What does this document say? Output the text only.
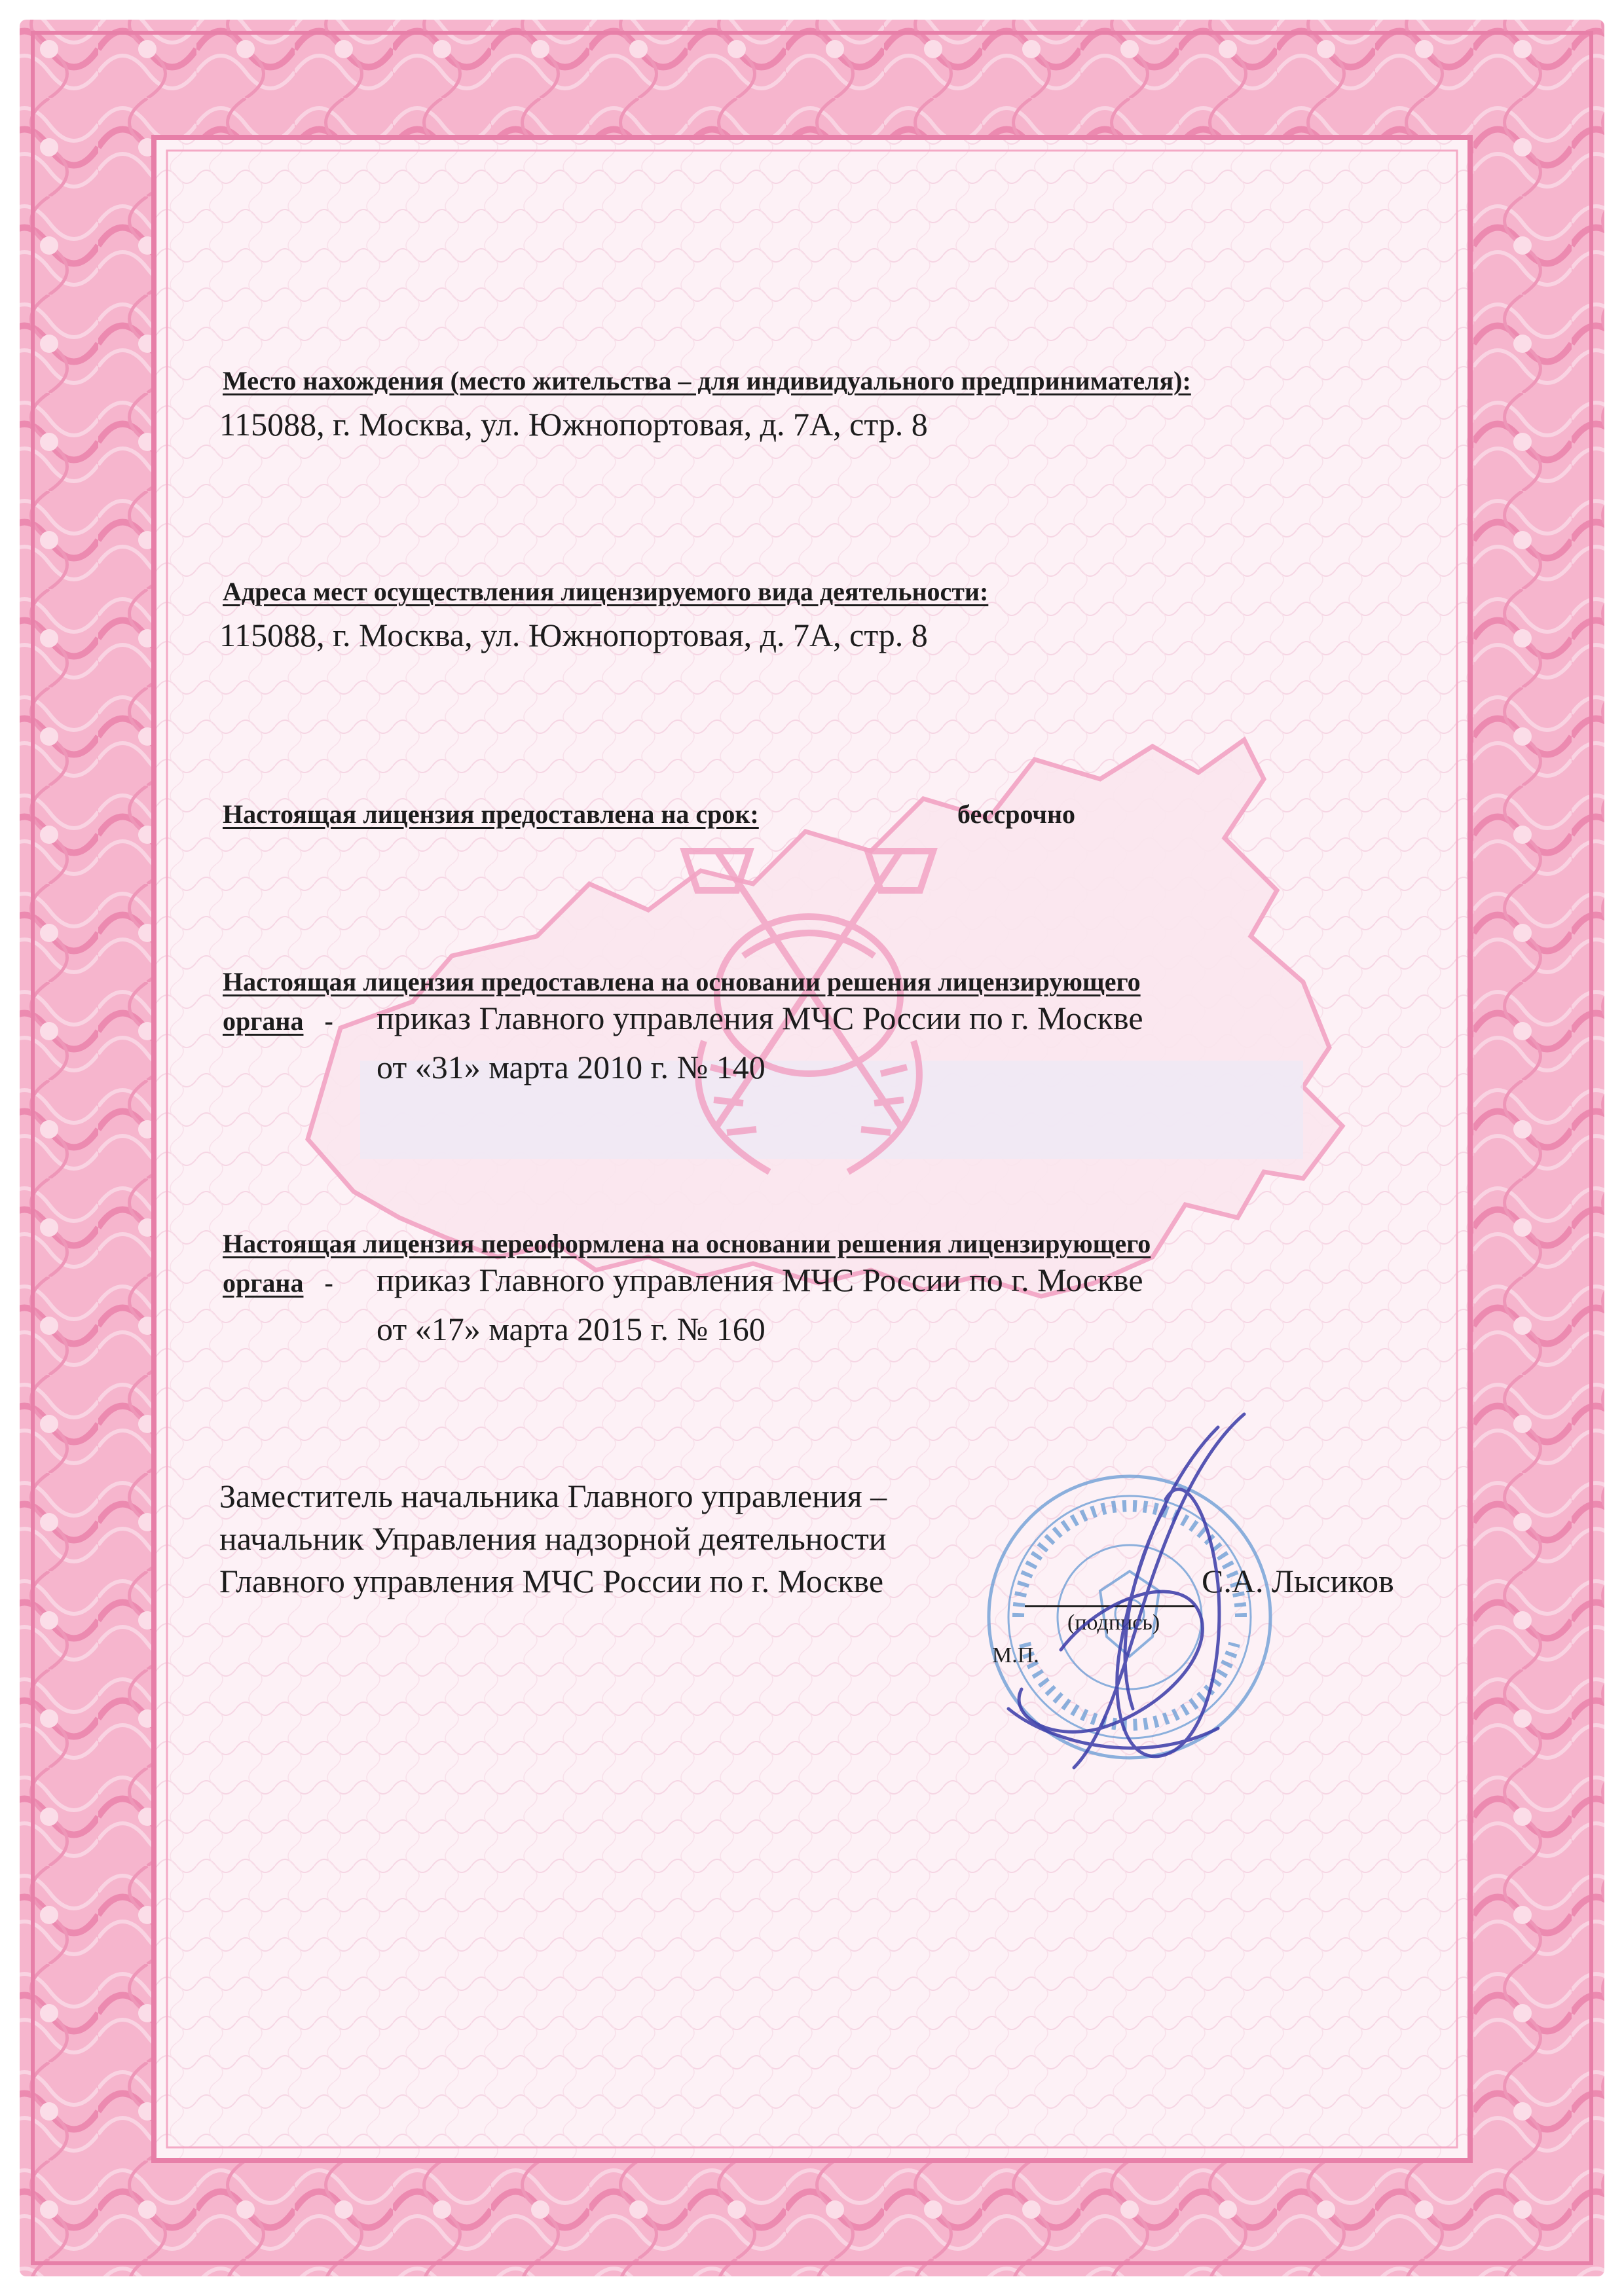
Место нахождения (место жительства – для индивидуального предпринимателя):
115088, г. Москва, ул. Южнопортовая, д. 7А, стр. 8
Адреса мест осуществления лицензируемого вида деятельности:
115088, г. Москва, ул. Южнопортовая, д. 7А, стр. 8
Настоящая лицензия предоставлена на срок:	бессрочно
Настоящая лицензия предоставлена на основании решения лицензирующего
органа - приказ Главного управления МЧС России по г. Москве
от «31» марта 2010 г. № 140
Настоящая лицензия переоформлена на основании решения лицензирующего
органа - приказ Главного управления МЧС России по г. Москве
от «17» марта 2015 г. № 160
Заместитель начальника Главного управления –
начальник Управления надзорной деятельности
Главного управления МЧС России по г. Москве	С.А. Лысиков
(подпись)
М.П.
